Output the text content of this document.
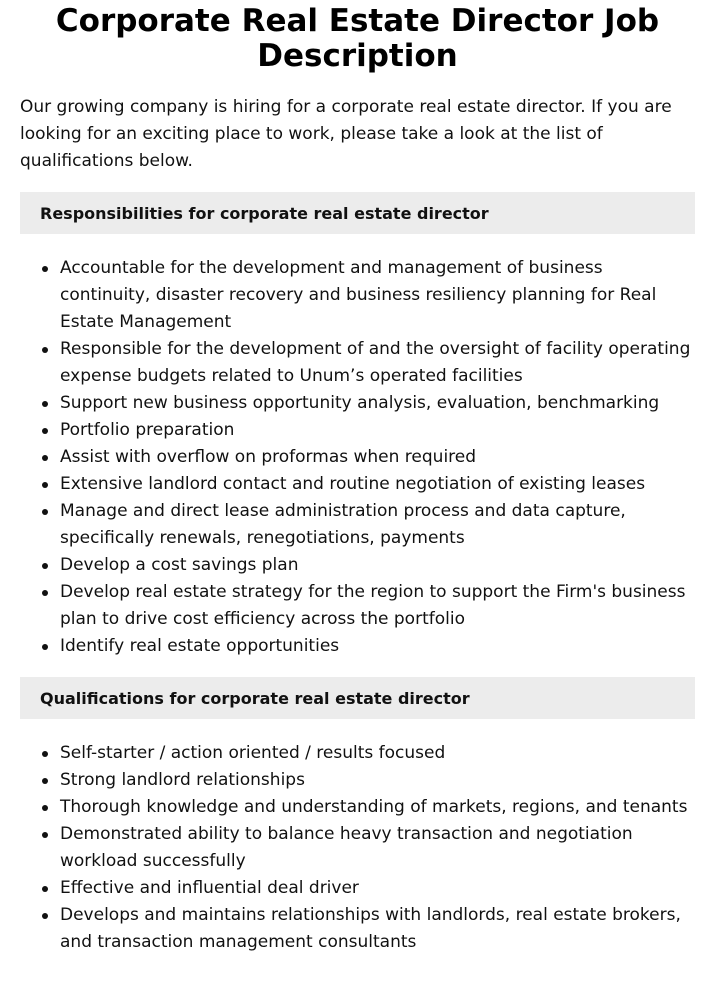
Corporate Real Estate Director Job Description

Our growing company is hiring for a corporate real estate director. If you are looking for an exciting place to work, please take a look at the list of qualifications below.

Responsibilities for corporate real estate director
Accountable for the development and management of business continuity, disaster recovery and business resiliency planning for Real Estate Management
Responsible for the development of and the oversight of facility operating expense budgets related to Unum’s operated facilities
Support new business opportunity analysis, evaluation, benchmarking
Portfolio preparation
Assist with overflow on proformas when required
Extensive landlord contact and routine negotiation of existing leases
Manage and direct lease administration process and data capture, specifically renewals, renegotiations, payments
Develop a cost savings plan
Develop real estate strategy for the region to support the Firm's business plan to drive cost efficiency across the portfolio
Identify real estate opportunities
Qualifications for corporate real estate director
Self-starter / action oriented / results focused
Strong landlord relationships
Thorough knowledge and understanding of markets, regions, and tenants
Demonstrated ability to balance heavy transaction and negotiation workload successfully
Effective and influential deal driver
Develops and maintains relationships with landlords, real estate brokers, and transaction management consultants
